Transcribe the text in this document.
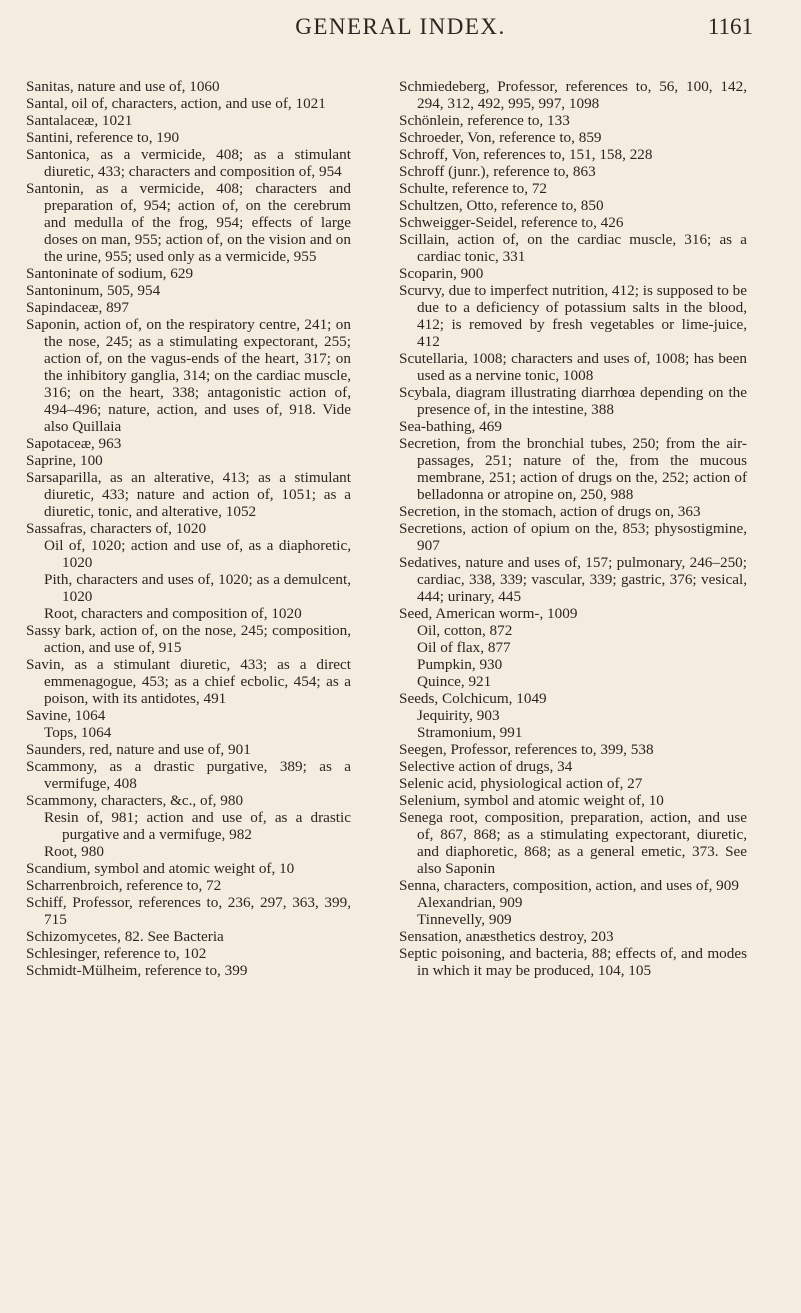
GENERAL INDEX.	1161

Sanitas, nature and use of, 1060

Santal, oil of, characters, action, and use of, 1021

Santalaceæ, 1021

Santini, reference to, 190

Santonica, as a vermicide, 408; as a stimulant diuretic, 433; characters and composition of, 954

Santonin, as a vermicide, 408; characters and preparation of, 954; action of, on the cerebrum and medulla of the frog, 954; effects of large doses on man, 955; action of, on the vision and on the urine, 955; used only as a vermicide, 955

Santoninate of sodium, 629

Santoninum, 505, 954

Sapindaceæ, 897

Saponin, action of, on the respiratory centre, 241; on the nose, 245; as a stimulating expectorant, 255; action of, on the vagus-ends of the heart, 317; on the inhibitory ganglia, 314; on the cardiac muscle, 316; on the heart, 338; antagonistic action of, 494–496; nature, action, and uses of, 918. Vide also Quillaia

Sapotaceæ, 963

Saprine, 100

Sarsaparilla, as an alterative, 413; as a stimulant diuretic, 433; nature and action of, 1051; as a diuretic, tonic, and alterative, 1052

Sassafras, characters of, 1020

Oil of, 1020; action and use of, as a diaphoretic, 1020

Pith, characters and uses of, 1020; as a demulcent, 1020

Root, characters and composition of, 1020

Sassy bark, action of, on the nose, 245; composition, action, and use of, 915

Savin, as a stimulant diuretic, 433; as a direct emmenagogue, 453; as a chief ecbolic, 454; as a poison, with its antidotes, 491

Savine, 1064

Tops, 1064

Saunders, red, nature and use of, 901

Scammony, as a drastic purgative, 389; as a vermifuge, 408

Scammony, characters, &c., of, 980

Resin of, 981; action and use of, as a drastic purgative and a vermifuge, 982

Root, 980

Scandium, symbol and atomic weight of, 10

Scharrenbroich, reference to, 72

Schiff, Professor, references to, 236, 297, 363, 399, 715

Schizomycetes, 82. See Bacteria

Schlesinger, reference to, 102

Schmidt-Mülheim, reference to, 399

Schmiedeberg, Professor, references to, 56, 100, 142, 294, 312, 492, 995, 997, 1098

Schönlein, reference to, 133

Schroeder, Von, reference to, 859

Schroff, Von, references to, 151, 158, 228

Schroff (junr.), reference to, 863

Schulte, reference to, 72

Schultzen, Otto, reference to, 850

Schweigger-Seidel, reference to, 426

Scillain, action of, on the cardiac muscle, 316; as a cardiac tonic, 331

Scoparin, 900

Scurvy, due to imperfect nutrition, 412; is supposed to be due to a deficiency of potassium salts in the blood, 412; is removed by fresh vegetables or lime-juice, 412

Scutellaria, 1008; characters and uses of, 1008; has been used as a nervine tonic, 1008

Scybala, diagram illustrating diarrhœa depending on the presence of, in the intestine, 388

Sea-bathing, 469

Secretion, from the bronchial tubes, 250; from the air-passages, 251; nature of the, from the mucous membrane, 251; action of drugs on the, 252; action of belladonna or atropine on, 250, 988

Secretion, in the stomach, action of drugs on, 363

Secretions, action of opium on the, 853; physostigmine, 907

Sedatives, nature and uses of, 157; pulmonary, 246–250; cardiac, 338, 339; vascular, 339; gastric, 376; vesical, 444; urinary, 445

Seed, American worm-, 1009

Oil, cotton, 872

Oil of flax, 877

Pumpkin, 930

Quince, 921

Seeds, Colchicum, 1049

Jequirity, 903

Stramonium, 991

Seegen, Professor, references to, 399, 538

Selective action of drugs, 34

Selenic acid, physiological action of, 27

Selenium, symbol and atomic weight of, 10

Senega root, composition, preparation, action, and use of, 867, 868; as a stimulating expectorant, diuretic, and diaphoretic, 868; as a general emetic, 373. See also Saponin

Senna, characters, composition, action, and uses of, 909

Alexandrian, 909

Tinnevelly, 909

Sensation, anæsthetics destroy, 203

Septic poisoning, and bacteria, 88; effects of, and modes in which it may be produced, 104, 105
